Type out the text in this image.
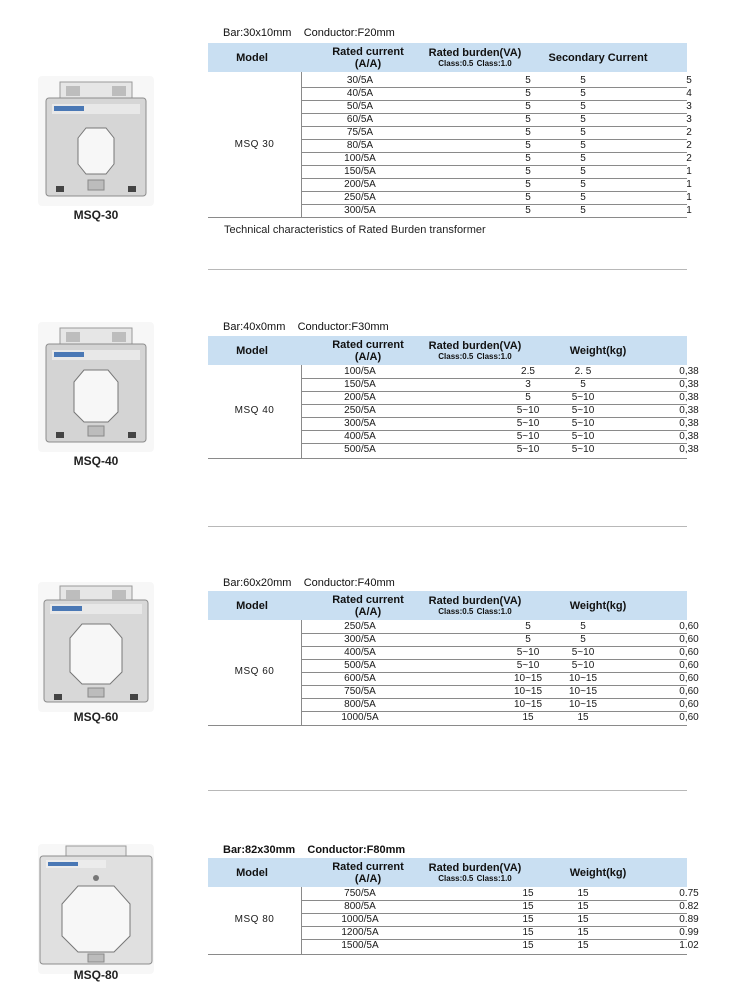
MSQ-30
Bar:30x10mm    Conductor:F20mm
Model	Rated current
(A/A)
Rated burden(VA)
Class:0.5 Class:1.0	Secondary Current
MSQ 30
30/5A	5	5	5
40/5A	5	5	4
50/5A	5	5	3
60/5A	5	5	3
75/5A	5	5	2
80/5A	5	5	2
100/5A	5	5	2
150/5A	5	5	1
200/5A	5	5	1
250/5A	5	5	1
300/5A	5	5	1
Technical characteristics of Rated Burden transformer
MSQ-40
Bar:40x0mm    Conductor:F30mm
Model	Rated current
(A/A)
Rated burden(VA)
Class:0.5 Class:1.0	Weight(kg)
MSQ 40
100/5A	2.5	2. 5	0,38
150/5A	3	5	0,38
200/5A	5	5~10	0,38
250/5A	5~10	5~10	0,38
300/5A	5~10	5~10	0,38
400/5A	5~10	5~10	0,38
500/5A	5~10	5~10	0,38
MSQ-60
Bar:60x20mm    Conductor:F40mm
Model	Rated current
(A/A)
Rated burden(VA)
Class:0.5 Class:1.0	Weight(kg)
MSQ 60
250/5A	5	5	0,60
300/5A	5	5	0,60
400/5A	5~10	5~10	0,60
500/5A	5~10	5~10	0,60
600/5A	10~15	10~15	0,60
750/5A	10~15	10~15	0,60
800/5A	10~15	10~15	0,60
1000/5A	15	15	0,60
MSQ-80
Bar:82x30mm    Conductor:F80mm
Model	Rated current
(A/A)
Rated burden(VA)
Class:0.5 Class:1.0	Weight(kg)
MSQ 80
750/5A	15	15	0.75
800/5A	15	15	0.82
1000/5A	15	15	0.89
1200/5A	15	15	0.99
1500/5A	15	15	1.02
